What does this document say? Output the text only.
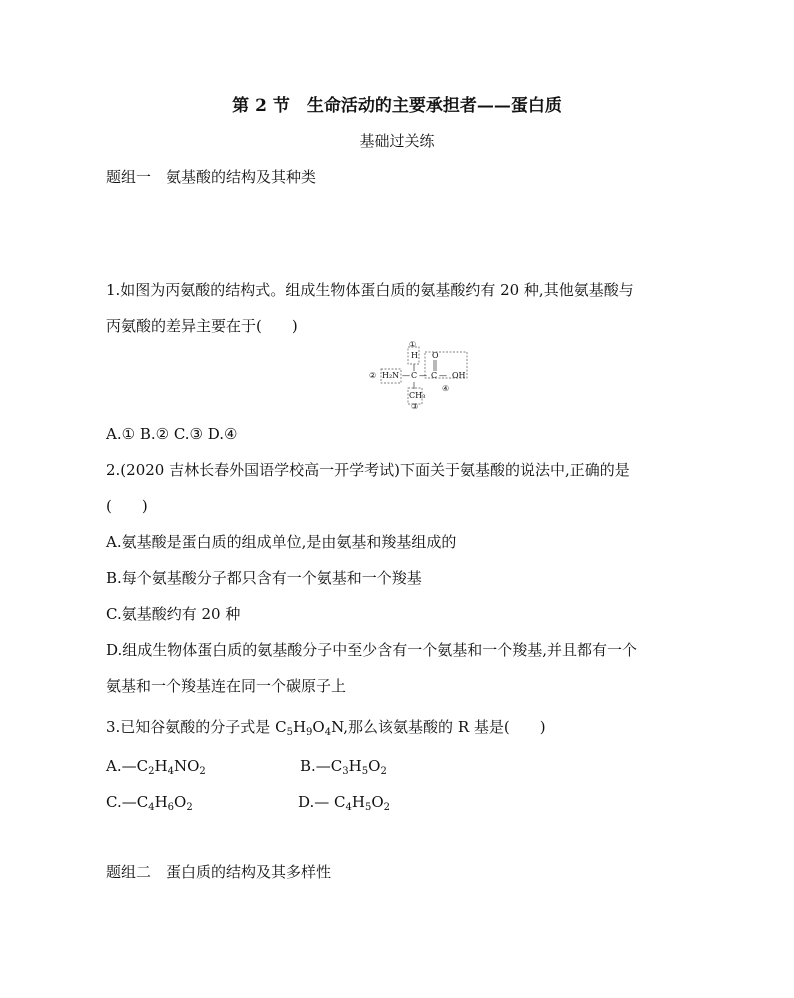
第 2 节　生命活动的主要承担者——蛋白质
基础过关练
题组一　氨基酸的结构及其种类
1.如图为丙氨酸的结构式。组成生物体蛋白质的氨基酸约有 20 种,其他氨基酸与
丙氨酸的差异主要在于(　　)
①
H O
② H₂N — C — C — OH
④
CH₃
③
A.① B.② C.③ D.④
2.(2020 吉林长春外国语学校高一开学考试)下面关于氨基酸的说法中,正确的是
(　　)
A.氨基酸是蛋白质的组成单位,是由氨基和羧基组成的
B.每个氨基酸分子都只含有一个氨基和一个羧基
C.氨基酸约有 20 种
D.组成生物体蛋白质的氨基酸分子中至少含有一个氨基和一个羧基,并且都有一个
氨基和一个羧基连在同一个碳原子上
3.已知谷氨酸的分子式是 $C_5H_9O_4N$,那么该氨基酸的 R 基是(　　)
$A.—C_2H_4NO_2$	$B.—C_3H_5O_2$
$C.—C_4H_6O_2$	D.— $C_4H_5O_2$
题组二　蛋白质的结构及其多样性
